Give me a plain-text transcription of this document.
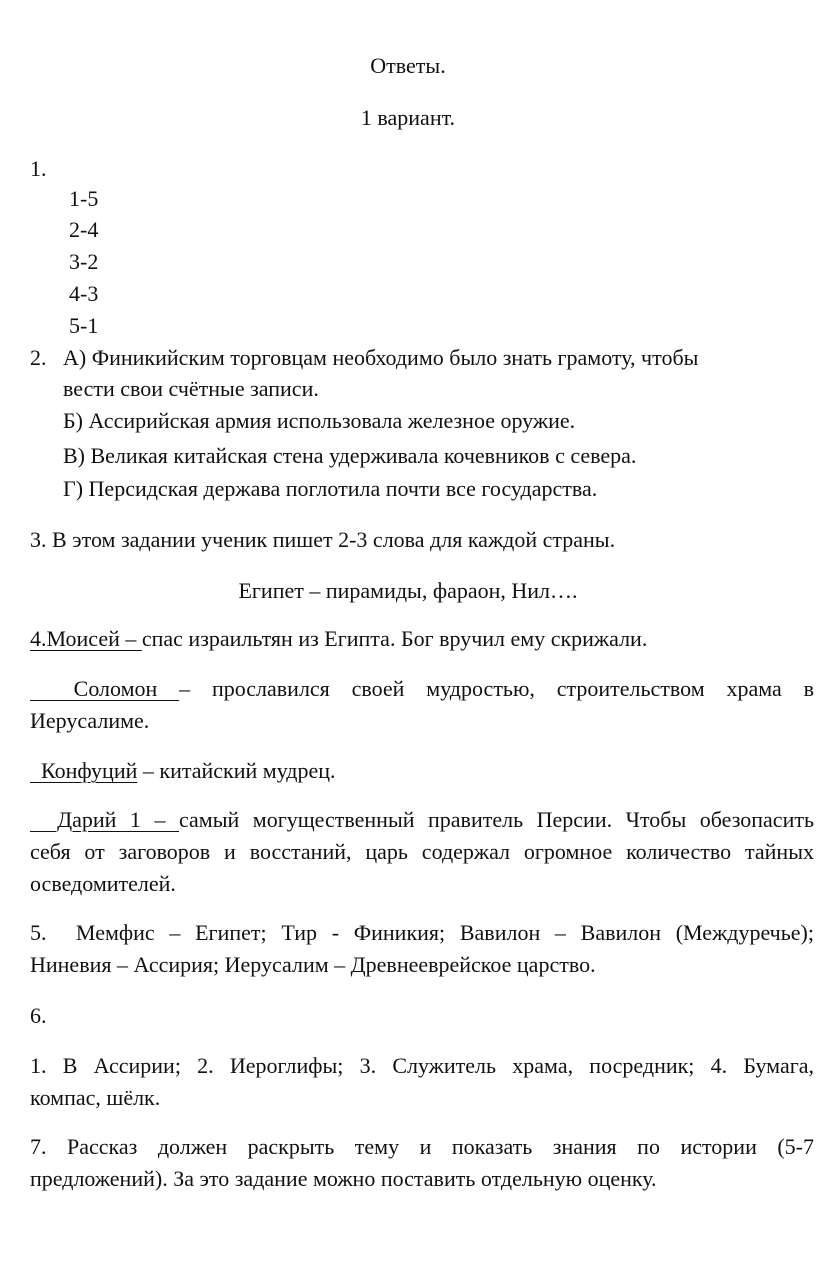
Ответы.
1 вариант.
1.
1-5
2-4
3-2
4-3
5-1
2. А) Финикийским торговцам необходимо было знать грамоту, чтобы
вести свои счётные записи.
Б) Ассирийская армия использовала железное оружие.
В) Великая китайская стена удерживала кочевников с севера.
Г) Персидская держава поглотила почти все государства.
3. В этом задании ученик пишет 2-3 слова для каждой страны.
Египет – пирамиды, фараон, Нил….
4.Моисей – спас израильтян из Египта. Бог вручил ему скрижали.
Соломон – прославился своей мудростью, строительством храма в
Иерусалиме.
Конфуций – китайский мудрец.
Дарий 1 – самый могущественный правитель Персии. Чтобы обезопасить
себя от заговоров и восстаний, царь содержал огромное количество тайных
осведомителей.
5.  Мемфис – Египет; Тир - Финикия; Вавилон – Вавилон (Междуречье);
Ниневия – Ассирия; Иерусалим – Древнееврейское царство.
6.
1. В Ассирии; 2. Иероглифы; 3. Служитель храма, посредник; 4. Бумага,
компас, шёлк.
7. Рассказ должен раскрыть тему и показать знания по истории (5-7
предложений). За это задание можно поставить отдельную оценку.
